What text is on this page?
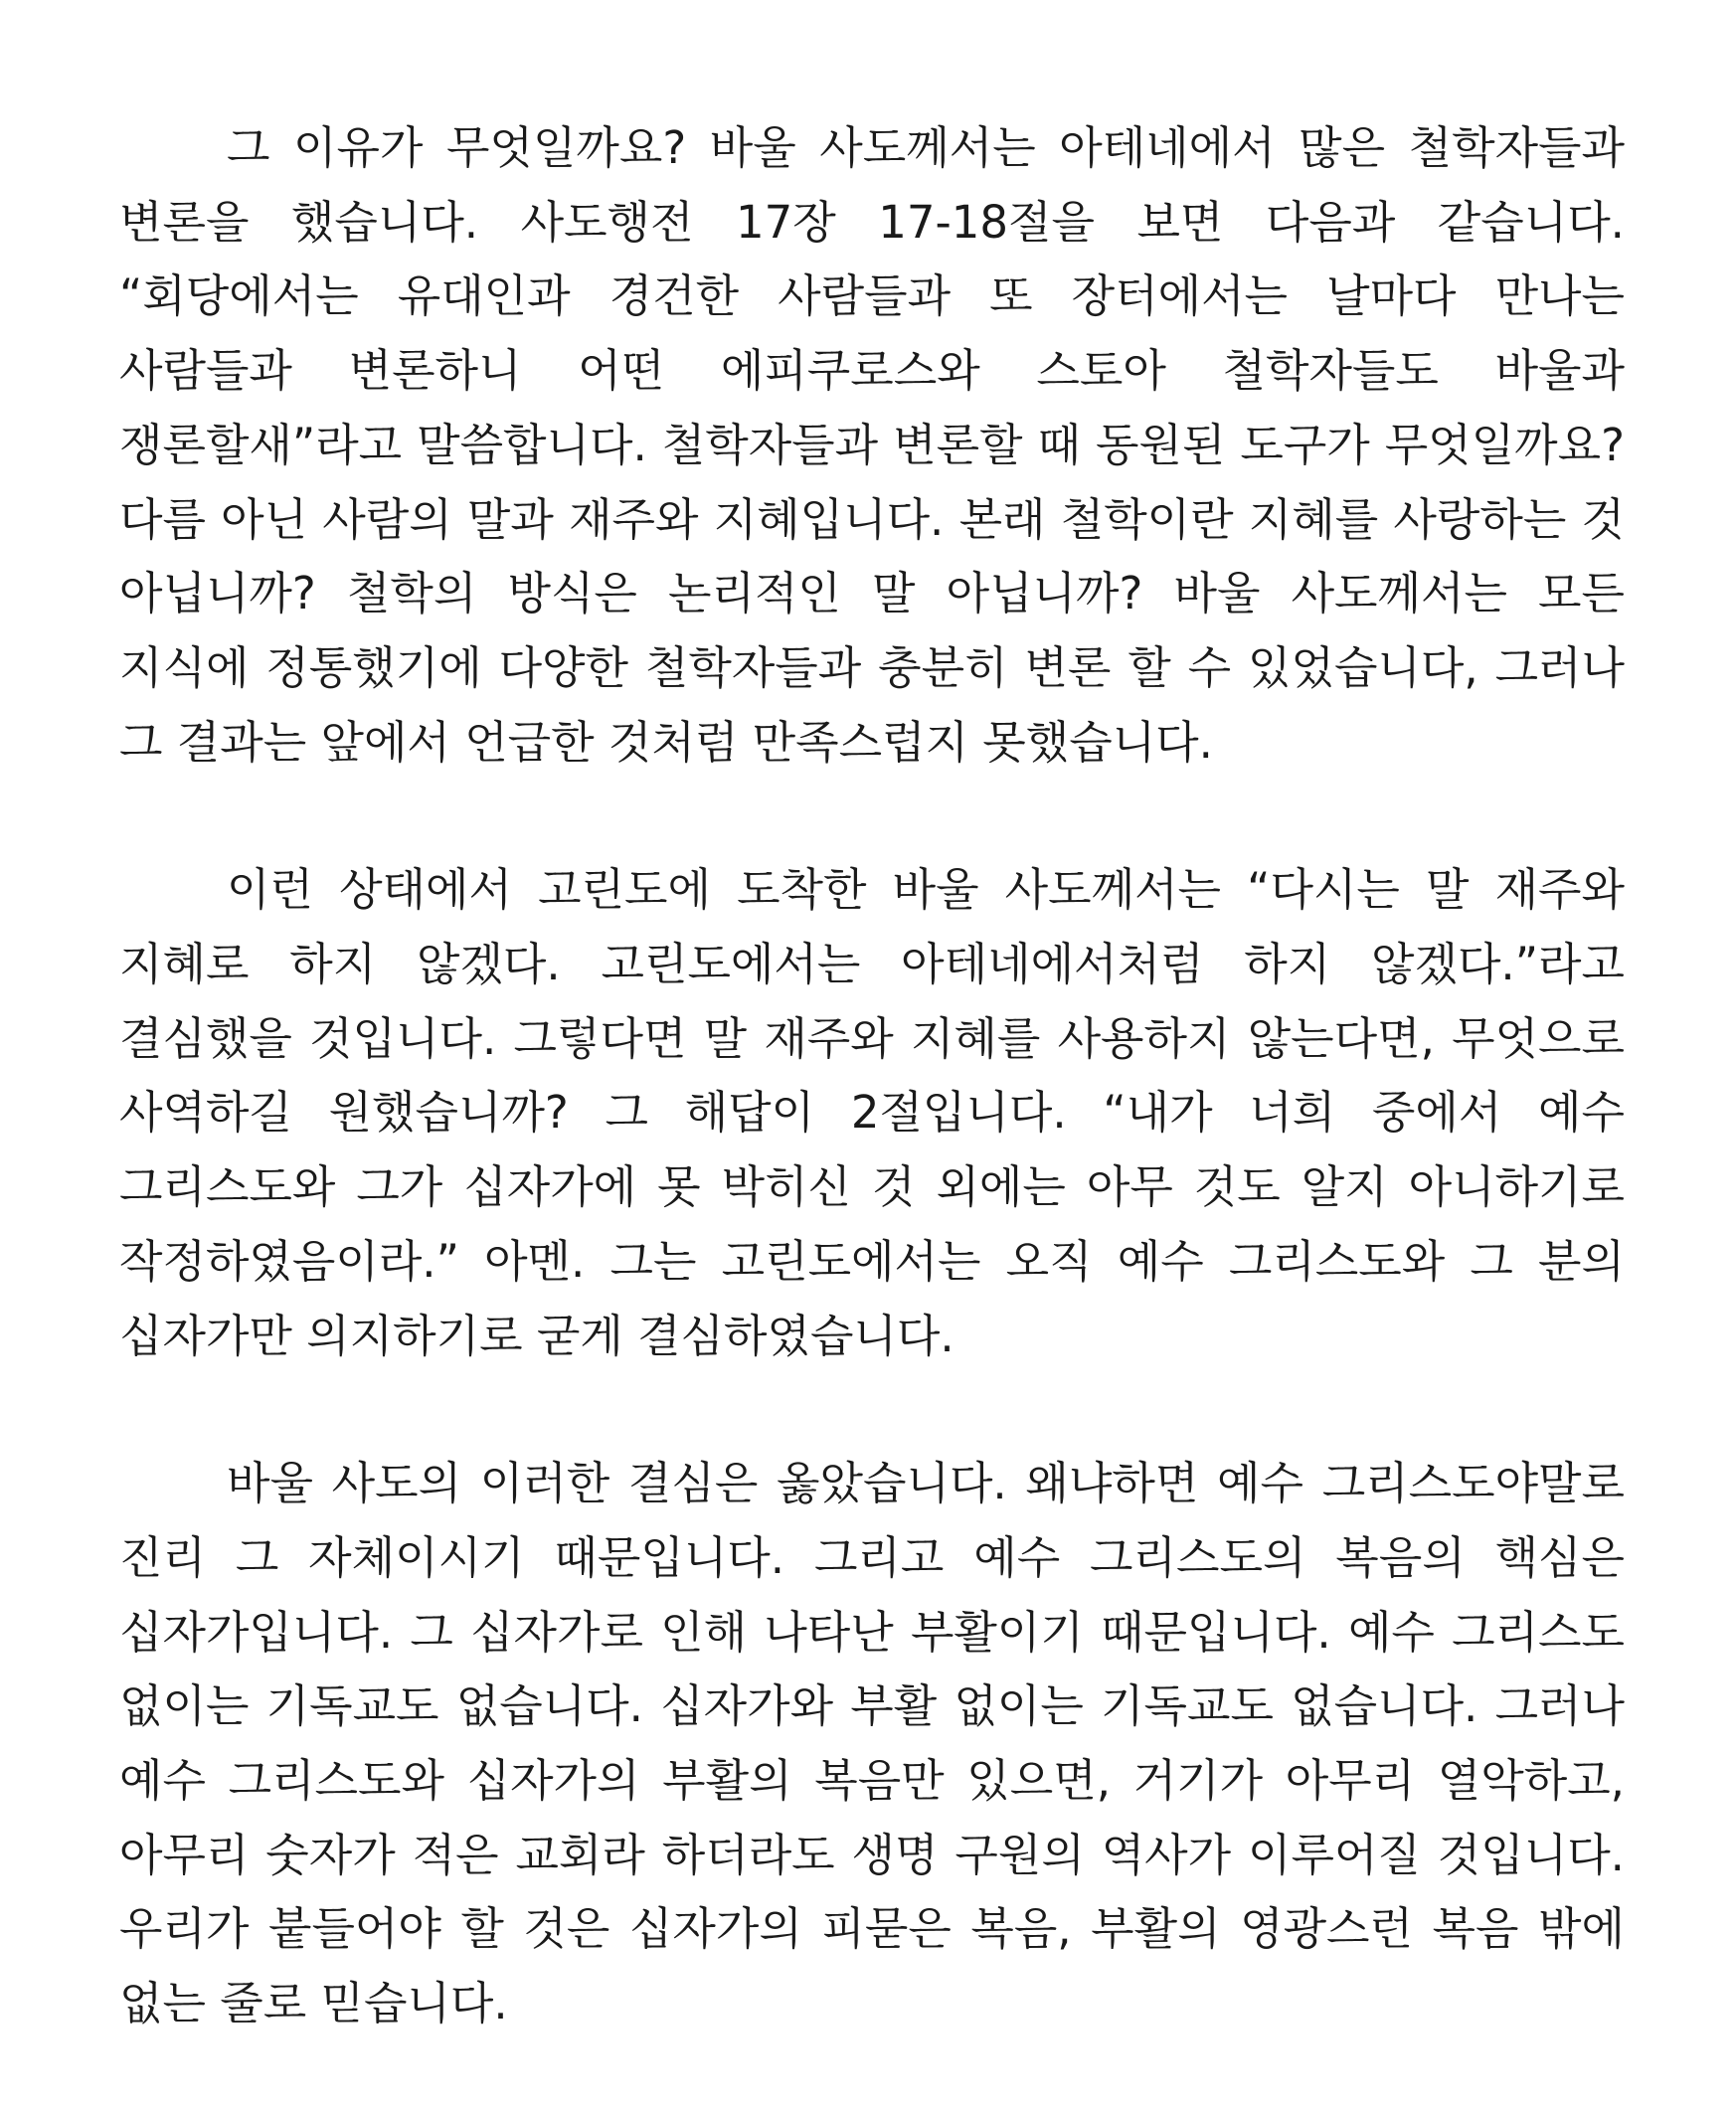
그 이유가 무엇일까요? 바울 사도께서는 아테네에서 많은 철학자들과 변론을 했습니다. 사도행전 17장 17-18절을 보면 다음과 같습니다. “회당에서는 유대인과 경건한 사람들과 또 장터에서는 날마다 만나는 사람들과 변론하니 어떤 에피쿠로스와 스토아 철학자들도 바울과 쟁론할새”라고 말씀합니다. 철학자들과 변론할 때 동원된 도구가 무엇일까요? 다름 아닌 사람의 말과 재주와 지혜입니다. 본래 철학이란 지혜를 사랑하는 것 아닙니까? 철학의 방식은 논리적인 말 아닙니까? 바울 사도께서는 모든 지식에 정통했기에 다양한 철학자들과 충분히 변론 할 수 있었습니다, 그러나 그 결과는 앞에서 언급한 것처럼 만족스럽지 못했습니다.

이런 상태에서 고린도에 도착한 바울 사도께서는 “다시는 말 재주와 지혜로 하지 않겠다. 고린도에서는 아테네에서처럼 하지 않겠다.”라고 결심했을 것입니다. 그렇다면 말 재주와 지혜를 사용하지 않는다면, 무엇으로 사역하길 원했습니까? 그 해답이 2절입니다. “내가 너희 중에서 예수 그리스도와 그가 십자가에 못 박히신 것 외에는 아무 것도 알지 아니하기로 작정하였음이라.” 아멘. 그는 고린도에서는 오직 예수 그리스도와 그 분의 십자가만 의지하기로 굳게 결심하였습니다.

바울 사도의 이러한 결심은 옳았습니다. 왜냐하면 예수 그리스도야말로 진리 그 자체이시기 때문입니다. 그리고 예수 그리스도의 복음의 핵심은 십자가입니다. 그 십자가로 인해 나타난 부활이기 때문입니다. 예수 그리스도 없이는 기독교도 없습니다. 십자가와 부활 없이는 기독교도 없습니다. 그러나 예수 그리스도와 십자가의 부활의 복음만 있으면, 거기가 아무리 열악하고, 아무리 숫자가 적은 교회라 하더라도 생명 구원의 역사가 이루어질 것입니다. 우리가 붙들어야 할 것은 십자가의 피묻은 복음, 부활의 영광스런 복음 밖에 없는 줄로 믿습니다.
